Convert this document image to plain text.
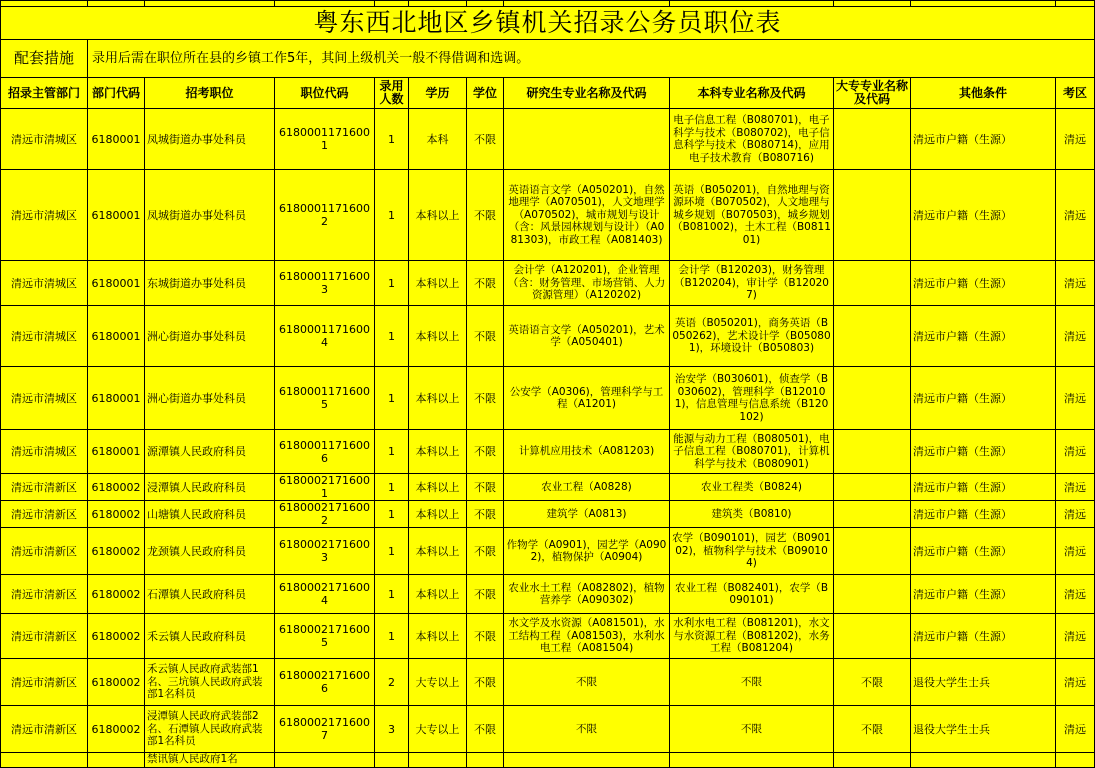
粤东西北地区乡镇机关招录公务员职位表											
配套措施	录用后需在职位所在县的乡镇工作5年，其间上级机关一般不得借调和选调。										
招录主管部门	部门代码	招考职位	职位代码	录用人数	学历	学位	研究生专业名称及代码	本科专业名称及代码	大专专业名称及代码	其他条件	考区
清远市清城区	6180001	凤城街道办事处科员	61800011716001	1	本科	不限		电子信息工程（B080701)，电子科学与技术（B080702)，电子信息科学与技术（B080714)，应用电子技术教育（B080716)		清远市户籍（生源）	清远
清远市清城区	6180001	凤城街道办事处科员	61800011716002	1	本科以上	不限	英语语言文学（A050201)，自然地理学（A070501)，人文地理学（A070502)，城市规划与设计（含：风景园林规划与设计）（A081303)，市政工程（A081403)	英语（B050201)，自然地理与资源环境（B070502)，人文地理与城乡规划（B070503)，城乡规划（B081002)，土木工程（B081101)		清远市户籍（生源）	清远
清远市清城区	6180001	东城街道办事处科员	61800011716003	1	本科以上	不限	会计学（A120201)，企业管理（含：财务管理、市场营销、人力资源管理）（A120202)	会计学（B120203)，财务管理（B120204)，审计学（B120207)		清远市户籍（生源）	清远
清远市清城区	6180001	洲心街道办事处科员	61800011716004	1	本科以上	不限	英语语言文学（A050201)，艺术学（A050401)	英语（B050201)，商务英语（B050262)，艺术设计学（B050801)，环境设计（B050803)		清远市户籍（生源）	清远
清远市清城区	6180001	洲心街道办事处科员	61800011716005	1	本科以上	不限	公安学（A0306)，管理科学与工程（A1201)	治安学（B030601)，侦查学（B030602)，管理科学（B120101)，信息管理与信息系统（B120102)		清远市户籍（生源）	清远
清远市清城区	6180001	源潭镇人民政府科员	61800011716006	1	本科以上	不限	计算机应用技术（A081203)	能源与动力工程（B080501)，电子信息工程（B080701)，计算机科学与技术（B080901)		清远市户籍（生源）	清远
清远市清新区	6180002	浸潭镇人民政府科员	61800021716001	1	本科以上	不限	农业工程（A0828)	农业工程类（B0824)		清远市户籍（生源）	清远
清远市清新区	6180002	山塘镇人民政府科员	61800021716002	1	本科以上	不限	建筑学（A0813)	建筑类（B0810)		清远市户籍（生源）	清远
清远市清新区	6180002	龙颈镇人民政府科员	61800021716003	1	本科以上	不限	作物学（A0901)，园艺学（A0902)，植物保护（A0904)	农学（B090101)，园艺（B090102)，植物科学与技术（B090104)		清远市户籍（生源）	清远
清远市清新区	6180002	石潭镇人民政府科员	61800021716004	1	本科以上	不限	农业水土工程（A082802)，植物营养学（A090302)	农业工程（B082401)，农学（B090101)		清远市户籍（生源）	清远
清远市清新区	6180002	禾云镇人民政府科员	61800021716005	1	本科以上	不限	水文学及水资源（A081501)，水工结构工程（A081503)，水利水电工程（A081504)	水利水电工程（B081201)，水文与水资源工程（B081202)，水务工程（B081204)		清远市户籍（生源）	清远
清远市清新区	6180002	禾云镇人民政府武装部1名、三坑镇人民政府武装部1名科员	61800021716006	2	大专以上	不限	不限	不限	不限	退役大学生士兵	清远
清远市清新区	6180002	浸潭镇人民政府武装部2名、石潭镇人民政府武装部1名科员	61800021716007	3	大专以上	不限	不限	不限	不限	退役大学生士兵	清远
		禁讯镇人民政府1名									
